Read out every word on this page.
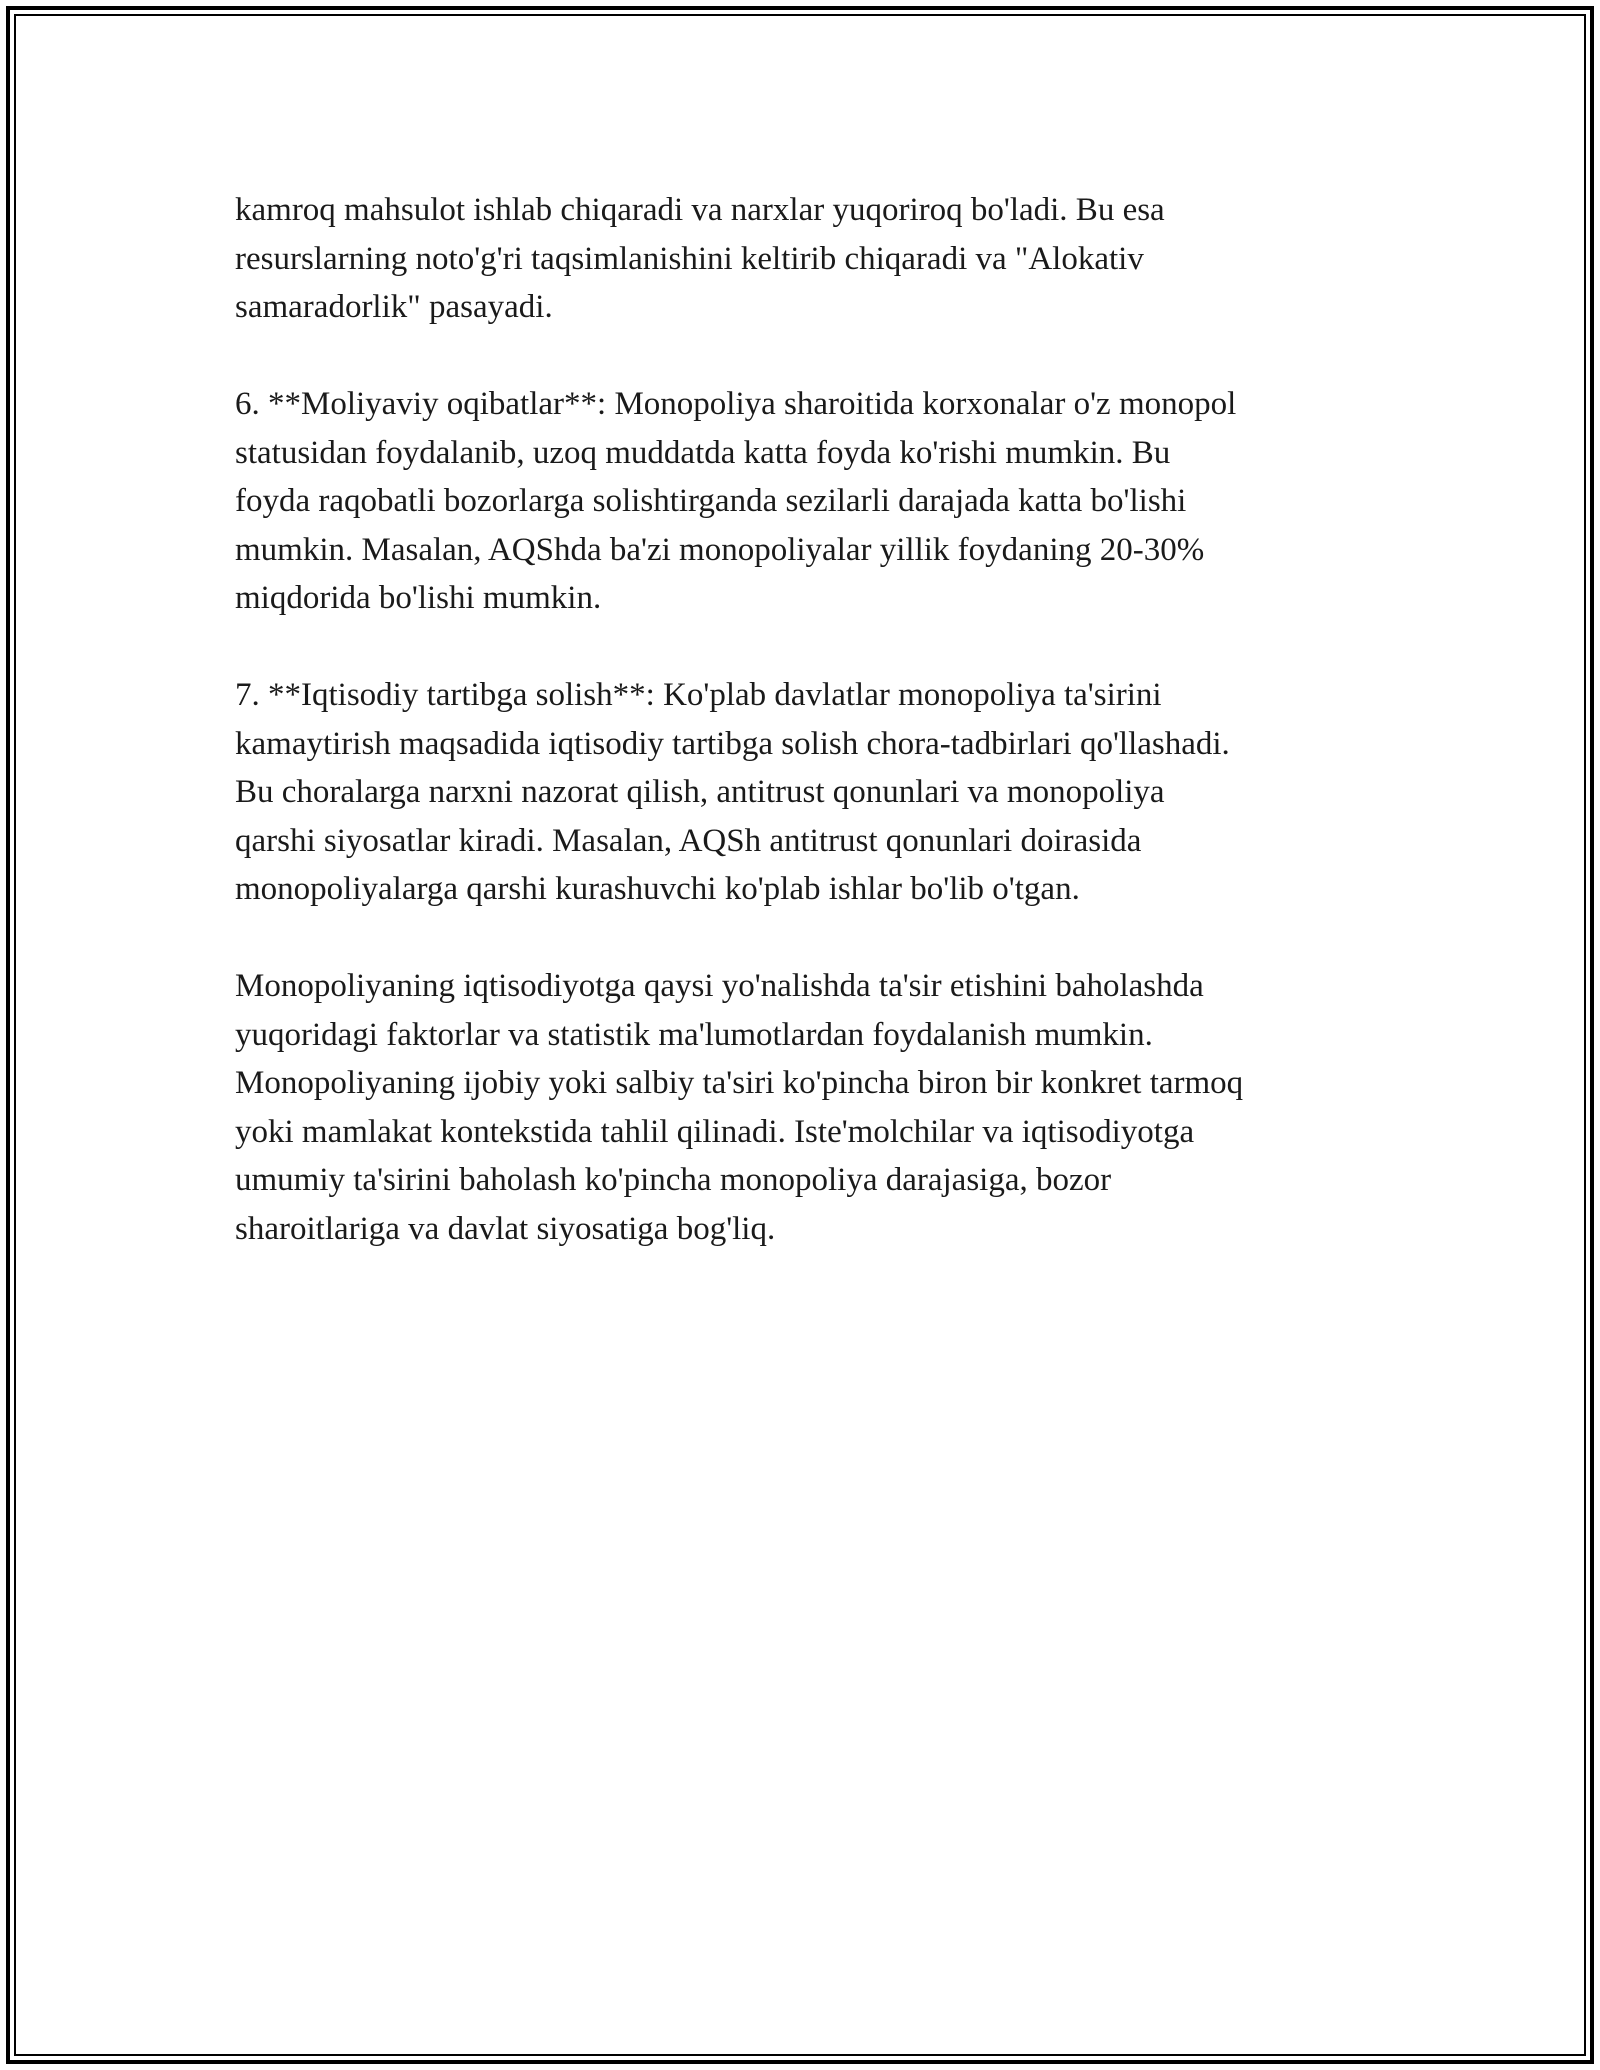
kamroq mahsulot ishlab chiqaradi va narxlar yuqoriroq bo'ladi. Bu esa
resurslarning noto'g'ri taqsimlanishini keltirib chiqaradi va "Alokativ
samaradorlik" pasayadi.

6. **Moliyaviy oqibatlar**: Monopoliya sharoitida korxonalar o'z monopol
statusidan foydalanib, uzoq muddatda katta foyda ko'rishi mumkin. Bu
foyda raqobatli bozorlarga solishtirganda sezilarli darajada katta bo'lishi
mumkin. Masalan, AQShda ba'zi monopoliyalar yillik foydaning 20-30%
miqdorida bo'lishi mumkin.

7. **Iqtisodiy tartibga solish**: Ko'plab davlatlar monopoliya ta'sirini
kamaytirish maqsadida iqtisodiy tartibga solish chora-tadbirlari qo'llashadi.
Bu choralarga narxni nazorat qilish, antitrust qonunlari va monopoliya
qarshi siyosatlar kiradi. Masalan, AQSh antitrust qonunlari doirasida
monopoliyalarga qarshi kurashuvchi ko'plab ishlar bo'lib o'tgan.

Monopoliyaning iqtisodiyotga qaysi yo'nalishda ta'sir etishini baholashda
yuqoridagi faktorlar va statistik ma'lumotlardan foydalanish mumkin.
Monopoliyaning ijobiy yoki salbiy ta'siri ko'pincha biron bir konkret tarmoq
yoki mamlakat kontekstida tahlil qilinadi. Iste'molchilar va iqtisodiyotga
umumiy ta'sirini baholash ko'pincha monopoliya darajasiga, bozor
sharoitlariga va davlat siyosatiga bog'liq.
